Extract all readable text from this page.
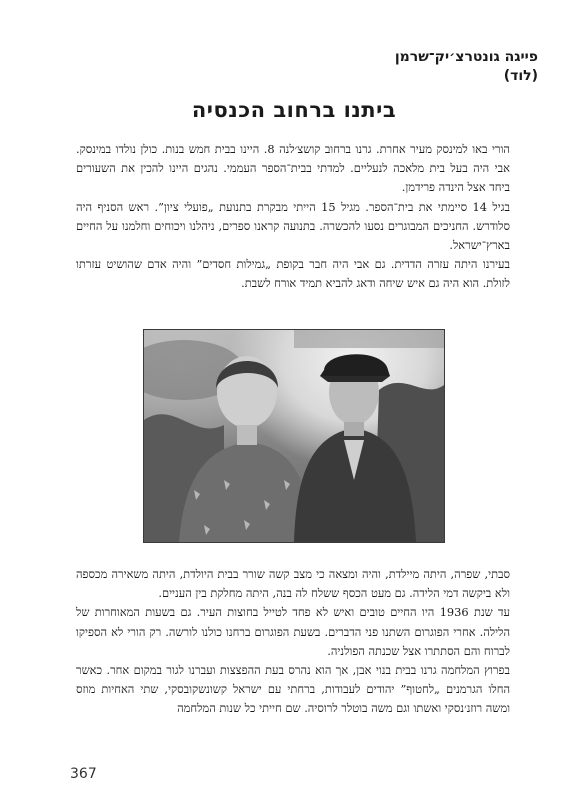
פייגה גונטרצ׳יק־שרמן
(לוד)
ביתנו ברחוב הכנסיה

הורי באו למינסק מעיר אחרת. גרנו ברחוב קושצ׳לנה 8. היינו בבית חמש בנות. כולן נולדו במינסק. אבי היה בעל בית מלאכה לנעליים. למדתי בבית־הספר העממי. נהגים היינו להכין את השעורים ביחד אצל הינדה פרידמן.

בגיל 14 סיימתי את בית־הספר. מגיל 15 הייתי מבקרת בתנועת „פועלי ציון”. ראש הסניף היה סלודרש. החניכים המבוגרים נסעו להכשרה. בתנועה קראנו ספרים, ניהלנו ויכוחים וחלמנו על החיים בארץ־ישראל.

בעירנו היתה עזרה הדדית. גם אבי היה חבר בקופת „גמילות חסדים” והיה אדם שהושיט עזרתו לזולת. הוא היה גם איש שיחה ודאג להביא תמיד אורח לשבת.

סבתי, שפרה, היתה מיילדת, והיה ומצאה כי מצב קשה שורר בבית היולדת, היתה משאירה מכספה ולא ביקשה דמי הלידה. גם מעט הכסף ששלח לה בנה, היתה מחלקת בין העניים.

עד שנת 1936 היו החיים טובים ואיש לא פחד לטייל בחוצות העיר. גם בשעות המאוחרות של הלילה. אחרי הפוגרום השתנו פני הדברים. בשעת הפוגרום ברחנו כולנו לורשה. רק הורי לא הספיקו לברוח והם הסתתרו אצל שכנתה הפולניה.

בפרוץ המלחמה גרנו בבית בנוי אבן, אך הוא נהרס בעת ההפצצות ועברנו לגור במקום אחר. כאשר החלו הגרמנים „לחטוף” יהודים לעבודות, ברחתי עם ישראל קשונשקובסקי, שתי האחיות מוזס ומשה רוזנ׳נסקי ואשתו וגם משה בוטלר לרוסיה. שם חייתי כל שנות המלחמה

367
